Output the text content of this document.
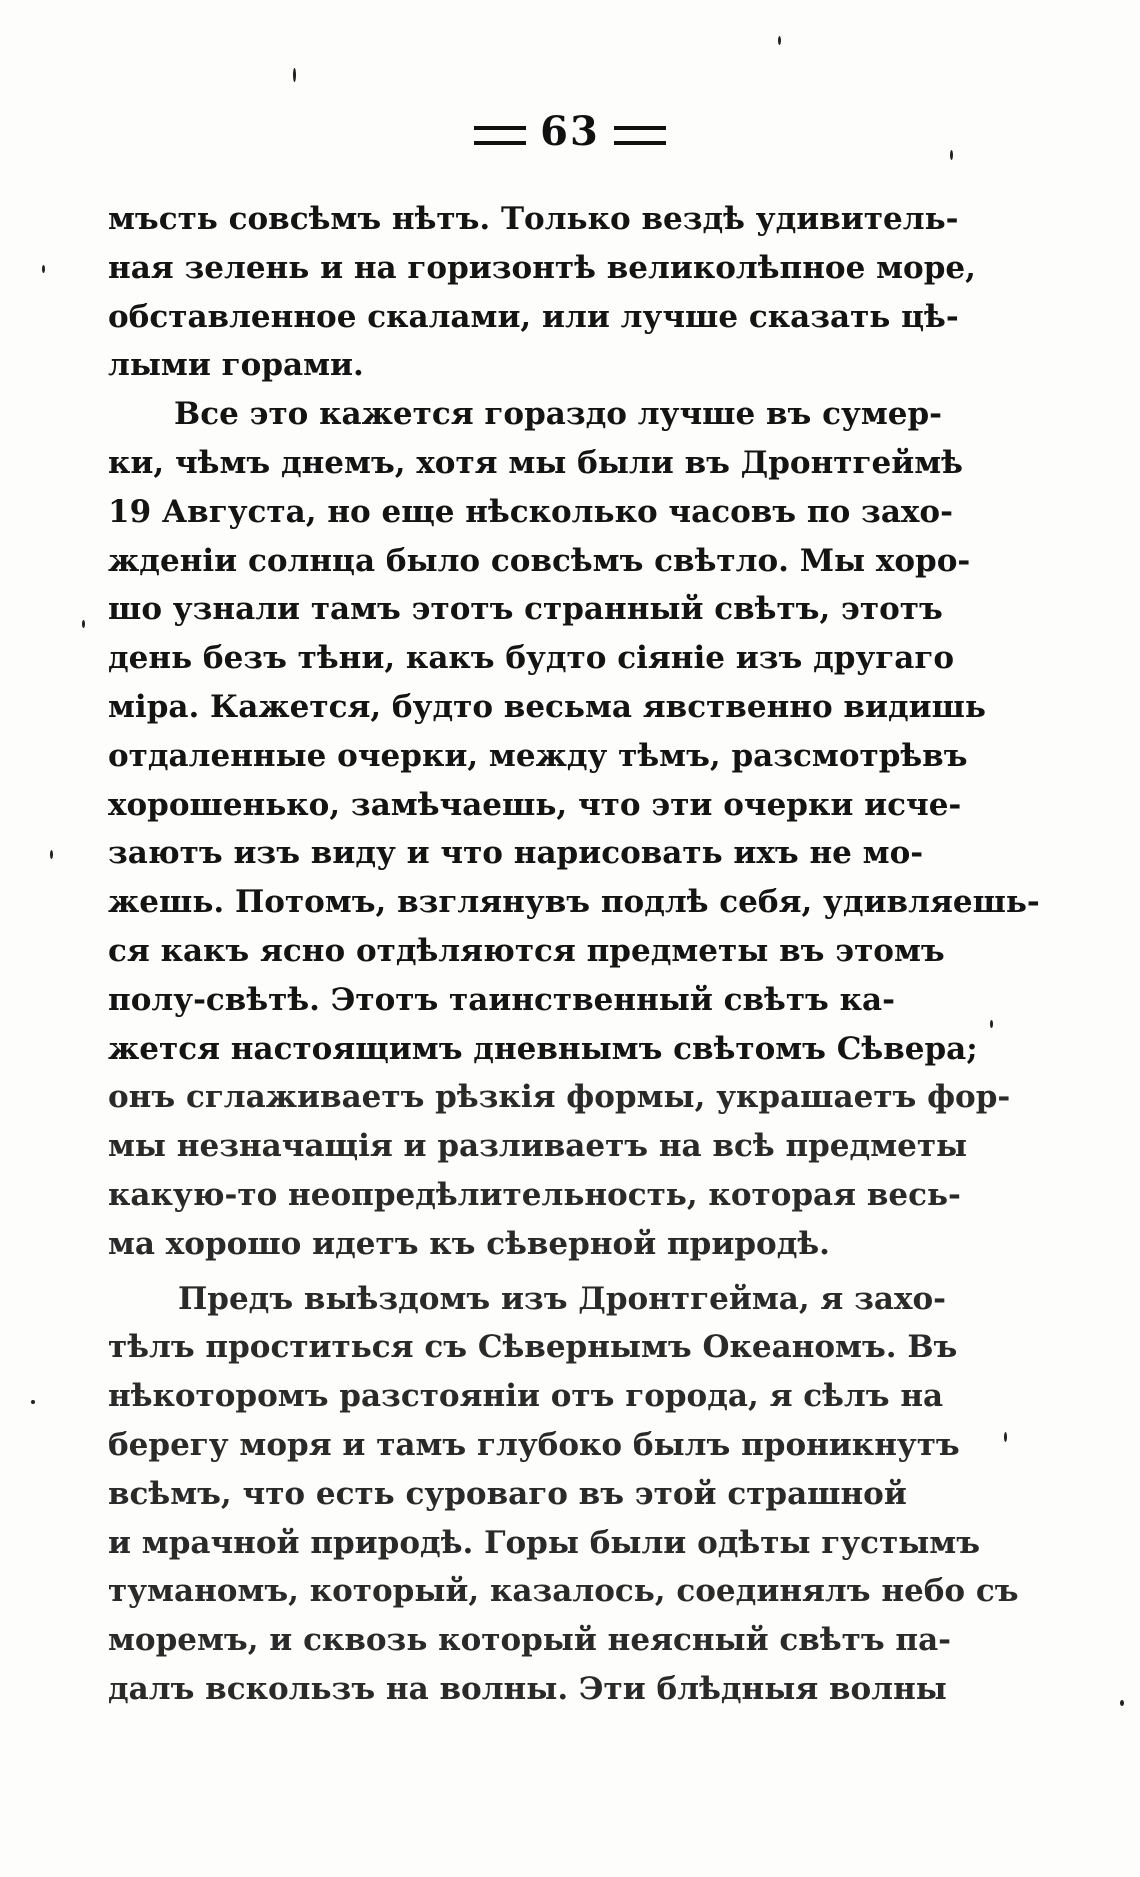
63
мъсть совсѣмъ нѣтъ. Только вездѣ удивитель-
ная зелень и на горизонтѣ великолѣпное море,
обставленное скалами, или лучше сказать цѣ-
лыми горами.
Все это кажется гораздо лучше въ сумер-
ки, чѣмъ днемъ, хотя мы были въ Дронтгеймѣ
19 Августа, но еще нѣсколько часовъ по захо-
жденіи солнца было совсѣмъ свѣтло. Мы хоро-
шо узнали тамъ этотъ странный свѣтъ, этотъ
день безъ тѣни, какъ будто сіяніе изъ другаго
міра. Кажется, будто весьма явственно видишь
отдаленные очерки, между тѣмъ, разсмотрѣвъ
хорошенько, замѣчаешь, что эти очерки исче-
заютъ изъ виду и что нарисовать ихъ не мо-
жешь. Потомъ, взглянувъ подлѣ себя, удивляешь-
ся какъ ясно отдѣляются предметы въ этомъ
полу-свѣтѣ. Этотъ таинственный свѣтъ ка-
жется настоящимъ дневнымъ свѣтомъ Сѣвера;
онъ сглаживаетъ рѣзкія формы, украшаетъ фор-
мы незначащія и разливаетъ на всѣ предметы
какую-то неопредѣлительность, которая весь-
ма хорошо идетъ къ сѣверной природѣ.
Предъ выѣздомъ изъ Дронтгейма, я захо-
тѣлъ проститься съ Сѣвернымъ Океаномъ. Въ
нѣкоторомъ разстояніи отъ города, я сѣлъ на
берегу моря и тамъ глубоко былъ проникнутъ
всѣмъ, что есть суроваго въ этой страшной
и мрачной природѣ. Горы были одѣты густымъ
туманомъ, который, казалось, соединялъ небо съ
моремъ, и сквозь который неясный свѣтъ па-
далъ вскользъ на волны. Эти блѣдныя волны
